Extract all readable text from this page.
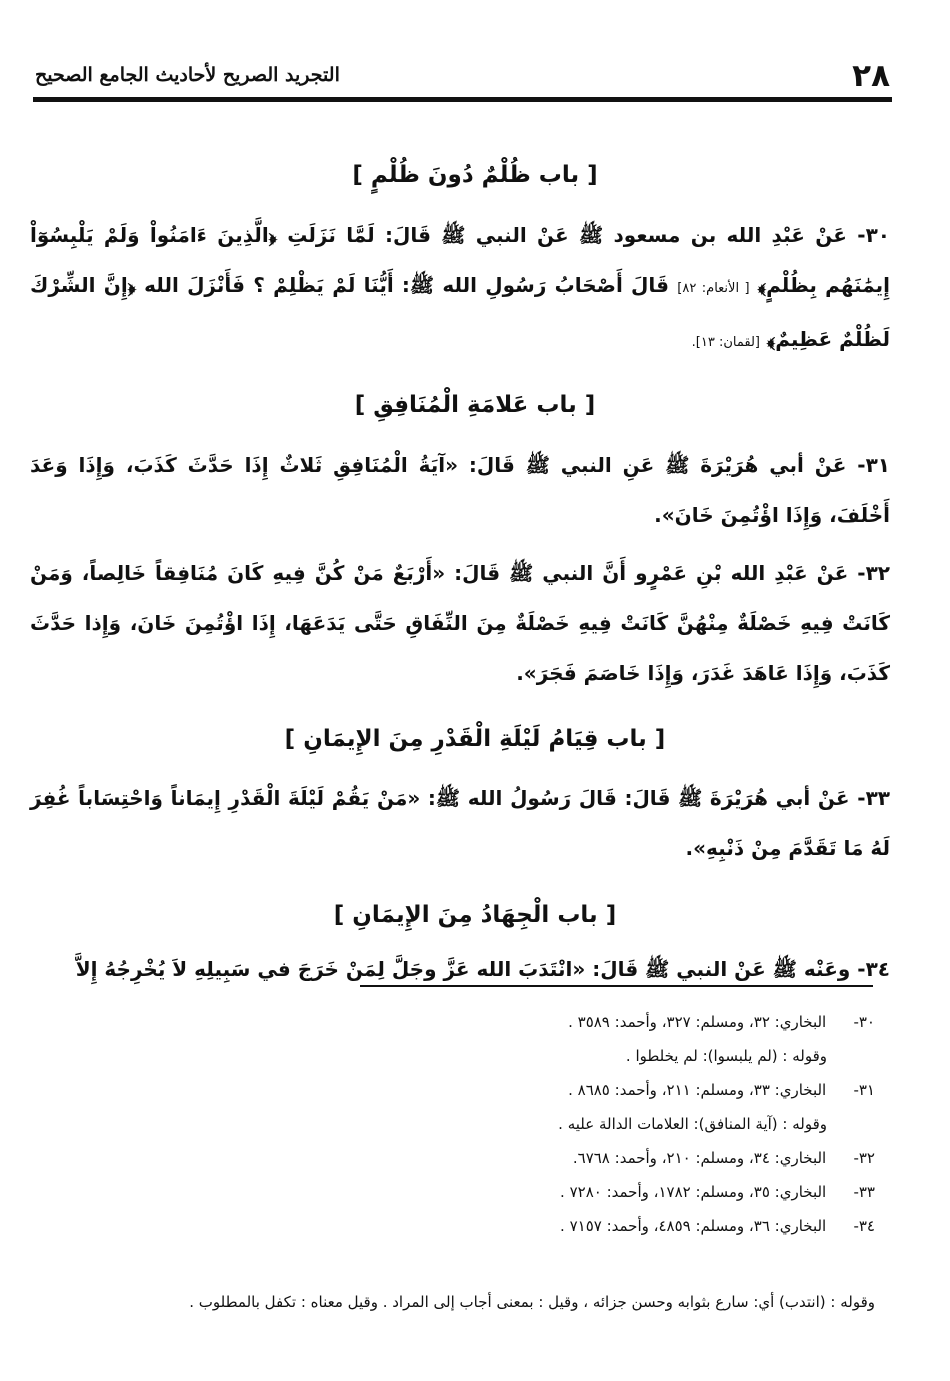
٢٨
التجريد الصريح لأحاديث الجامع الصحيح
[ باب ظُلْمٌ دُونَ ظُلْمٍ ]
٣٠- عَنْ عَبْدِ الله بن مسعود ﷺ عَنْ النبي ﷺ قَالَ: لَمَّا نَزَلَتِ ﴿الَّذِينَ ءَامَنُواْ وَلَمْ يَلْبِسُوٓاْ إِيمَٰنَهُم بِظُلْمٍ﴾ [ الأنعام: ٨٢] قَالَ أَصْحَابُ رَسُولِ الله ﷺ: أَيُّنَا لَمْ يَظْلِمْ ؟ فَأَنْزَلَ الله ﴿إِنَّ الشِّرْكَ لَظُلْمٌ عَظِيمٌ﴾ [لقمان: ١٣].
[ باب عَلامَةِ الْمُنَافِقِ ]
٣١- عَنْ أبي هُرَيْرَةَ ﷺ عَنِ النبي ﷺ قَالَ: «آيَةُ الْمُنَافِقِ ثَلاثٌ إِذَا حَدَّثَ كَذَبَ، وَإِذَا وَعَدَ أَخْلَفَ، وَإِذَا اؤْتُمِنَ خَانَ».
٣٢- عَنْ عَبْدِ الله بْنِ عَمْرٍو أَنَّ النبي ﷺ قَالَ: «أَرْبَعٌ مَنْ كُنَّ فِيهِ كَانَ مُنَافِقاً خَالِصاً، وَمَنْ كَانَتْ فِيهِ خَصْلَةٌ مِنْهُنَّ كَانَتْ فِيهِ خَصْلَةٌ مِنَ النِّفَاقِ حَتَّى يَدَعَهَا، إِذَا اؤْتُمِنَ خَانَ، وَإِذا حَدَّثَ كَذَبَ، وَإِذَا عَاهَدَ غَدَرَ، وَإِذَا خَاصَمَ فَجَرَ».
[ باب قِيَامُ لَيْلَةِ الْقَدْرِ مِنَ الإِيمَانِ ]
٣٣- عَنْ أبي هُرَيْرَةَ ﷺ قَالَ: قَالَ رَسُولُ الله ﷺ: «مَنْ يَقُمْ لَيْلَةَ الْقَدْرِ إِيمَاناً وَاحْتِسَاباً غُفِرَ لَهُ مَا تَقَدَّمَ مِنْ ذَنْبِهِ».
[ باب الْجِهَادُ مِنَ الإِيمَانِ ]
٣٤- وعَنْه ﷺ عَنْ النبي ﷺ قَالَ: «انْتَدَبَ الله عَزَّ وجَلَّ لِمَنْ خَرَجَ في سَبِيلِهِ لاَ يُخْرِجُهُ إِلاَّ
٣٠- البخاري: ٣٢، ومسلم: ٣٢٧، وأحمد: ٣٥٨٩ .
وقوله : (لم يلبسوا): لم يخلطوا .
٣١- البخاري: ٣٣، ومسلم: ٢١١، وأحمد: ٨٦٨٥ .
وقوله : (آية المنافق): العلامات الدالة عليه .
٣٢- البخاري: ٣٤، ومسلم: ٢١٠، وأحمد: ٦٧٦٨.
٣٣- البخاري: ٣٥، ومسلم: ١٧٨٢، وأحمد: ٧٢٨٠ .
٣٤- البخاري: ٣٦، ومسلم: ٤٨٥٩، وأحمد: ٧١٥٧ .
وقوله : (انتدب) أي: سارع بثوابه وحسن جزائه ، وقيل : بمعنى أجاب إلى المراد . وقيل معناه : تكفل بالمطلوب .
